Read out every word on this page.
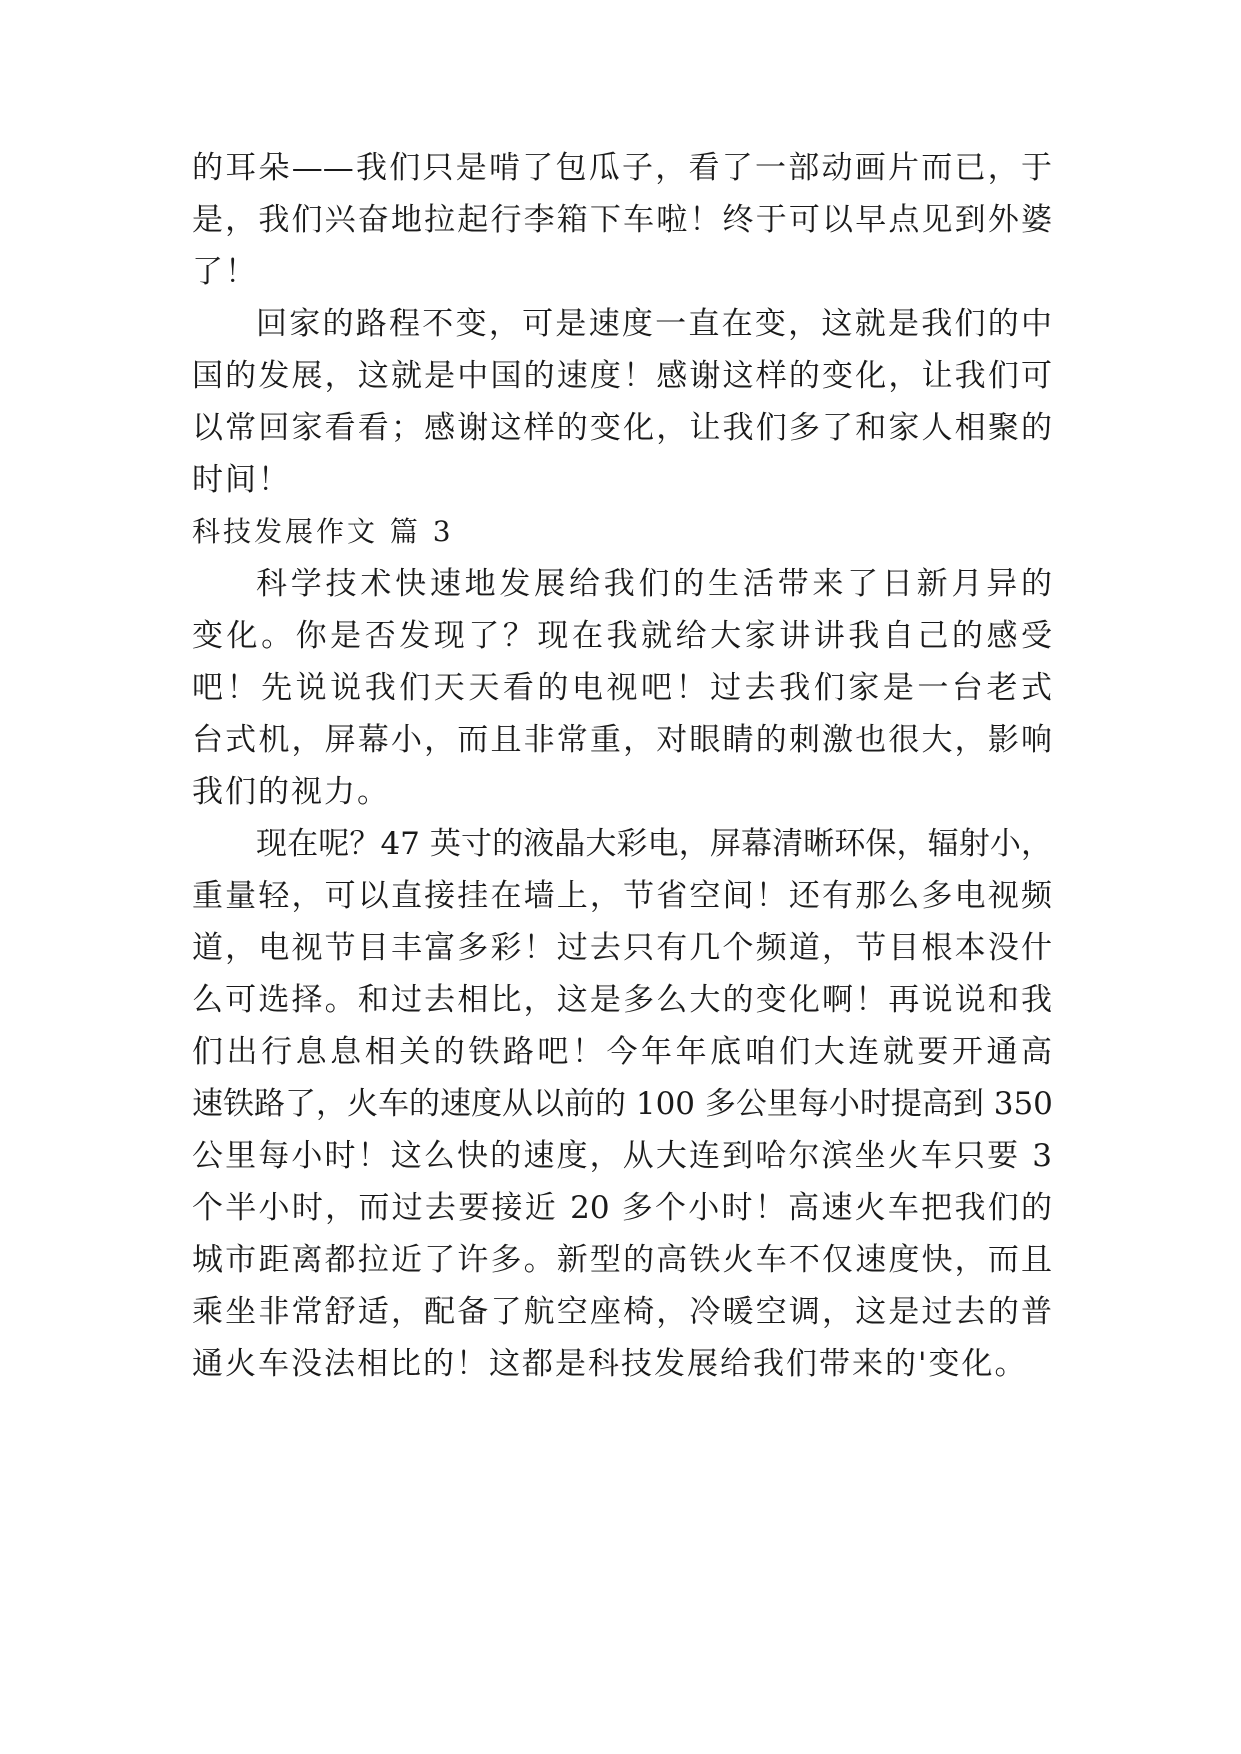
的耳朵——我们只是啃了包瓜子，看了一部动画片而已，于
是，我们兴奋地拉起行李箱下车啦！终于可以早点见到外婆
了！
回家的路程不变，可是速度一直在变，这就是我们的中
国的发展，这就是中国的速度！感谢这样的变化，让我们可
以常回家看看；感谢这样的变化，让我们多了和家人相聚的
时间！
科技发展作文 篇 3
科学技术快速地发展给我们的生活带来了日新月异的
变化。你是否发现了？现在我就给大家讲讲我自己的感受
吧！先说说我们天天看的电视吧！过去我们家是一台老式
台式机，屏幕小，而且非常重，对眼睛的刺激也很大，影响
我们的视力。
现在呢？47 英寸的液晶大彩电，屏幕清晰环保，辐射小，
重量轻，可以直接挂在墙上，节省空间！还有那么多电视频
道，电视节目丰富多彩！过去只有几个频道，节目根本没什
么可选择。和过去相比，这是多么大的变化啊！再说说和我
们出行息息相关的铁路吧！今年年底咱们大连就要开通高
速铁路了，火车的速度从以前的 100 多公里每小时提高到 350
公里每小时！这么快的速度，从大连到哈尔滨坐火车只要 3
个半小时，而过去要接近 20 多个小时！高速火车把我们的
城市距离都拉近了许多。新型的高铁火车不仅速度快，而且
乘坐非常舒适，配备了航空座椅，冷暖空调，这是过去的普
通火车没法相比的！这都是科技发展给我们带来的'变化。
